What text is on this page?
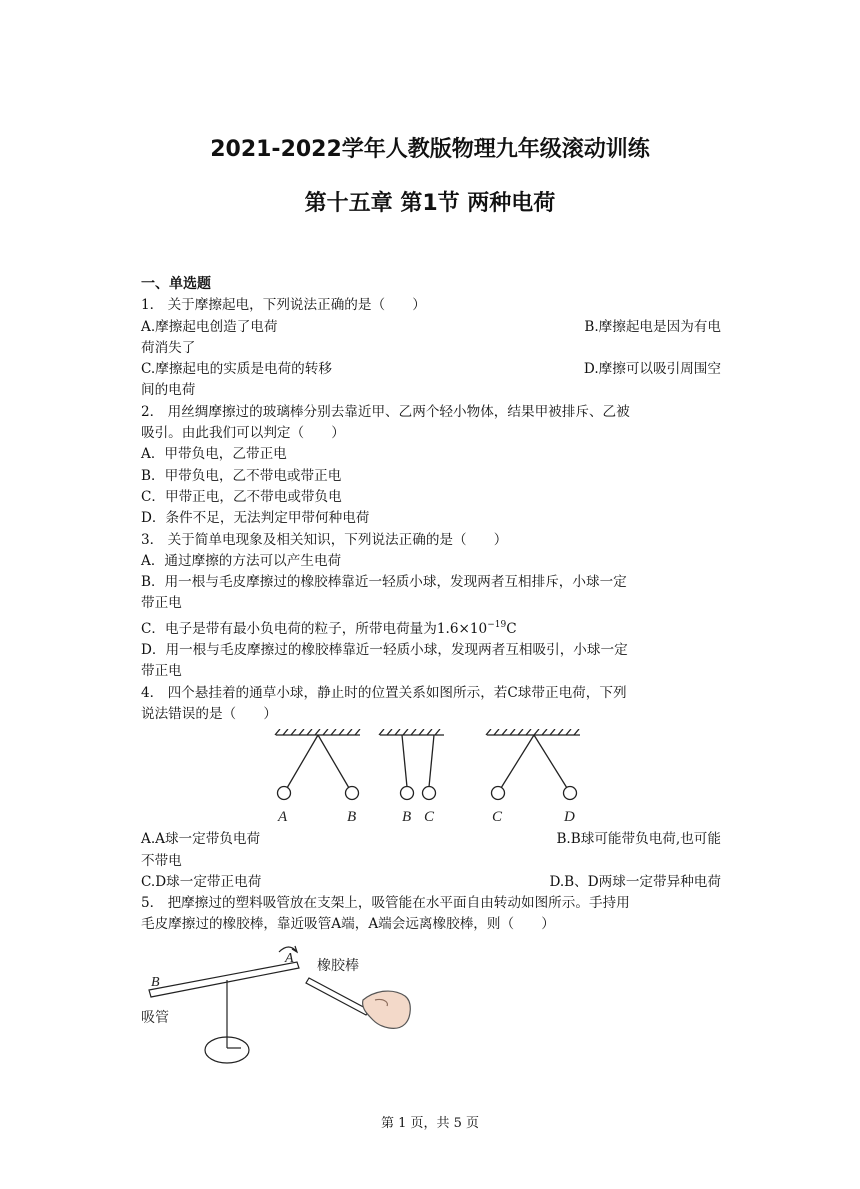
2021-2022学年人教版物理九年级滚动训练
第十五章 第1节 两种电荷
一、单选题
1． 关于摩擦起电，下列说法正确的是（　　）
A.摩擦起电创造了电荷	B.摩擦起电是因为有电
荷消失了
C.摩擦起电的实质是电荷的转移	D.摩擦可以吸引周围空
间的电荷
2． 用丝绸摩擦过的玻璃棒分别去靠近甲、乙两个轻小物体，结果甲被排斥、乙被
吸引。由此我们可以判定（　　）
A．甲带负电，乙带正电
B．甲带负电，乙不带电或带正电
C．甲带正电，乙不带电或带负电
D．条件不足，无法判定甲带何种电荷
3． 关于简单电现象及相关知识，下列说法正确的是（　　）
A．通过摩擦的方法可以产生电荷
B．用一根与毛皮摩擦过的橡胶棒靠近一轻质小球，发现两者互相排斥，小球一定
带正电
C．电子是带有最小负电荷的粒子，所带电荷量为$1.6\times 10^{-19}C$
D．用一根与毛皮摩擦过的橡胶棒靠近一轻质小球，发现两者互相吸引，小球一定
带正电
4． 四个悬挂着的通草小球，静止时的位置关系如图所示，若C球带正电荷，下列
说法错误的是（　　）
A	B	B C	C	D
A.A球一定带负电荷	B.B球可能带负电荷,也可能
不带电
C.D球一定带正电荷	D.B、D两球一定带异种电荷
5． 把摩擦过的塑料吸管放在支架上，吸管能在水平面自由转动如图所示。手持用
毛皮摩擦过的橡胶棒，靠近吸管A端，A端会远离橡胶棒，则（　　）
A
B
橡胶棒
吸管
第 1 页，共 5 页
